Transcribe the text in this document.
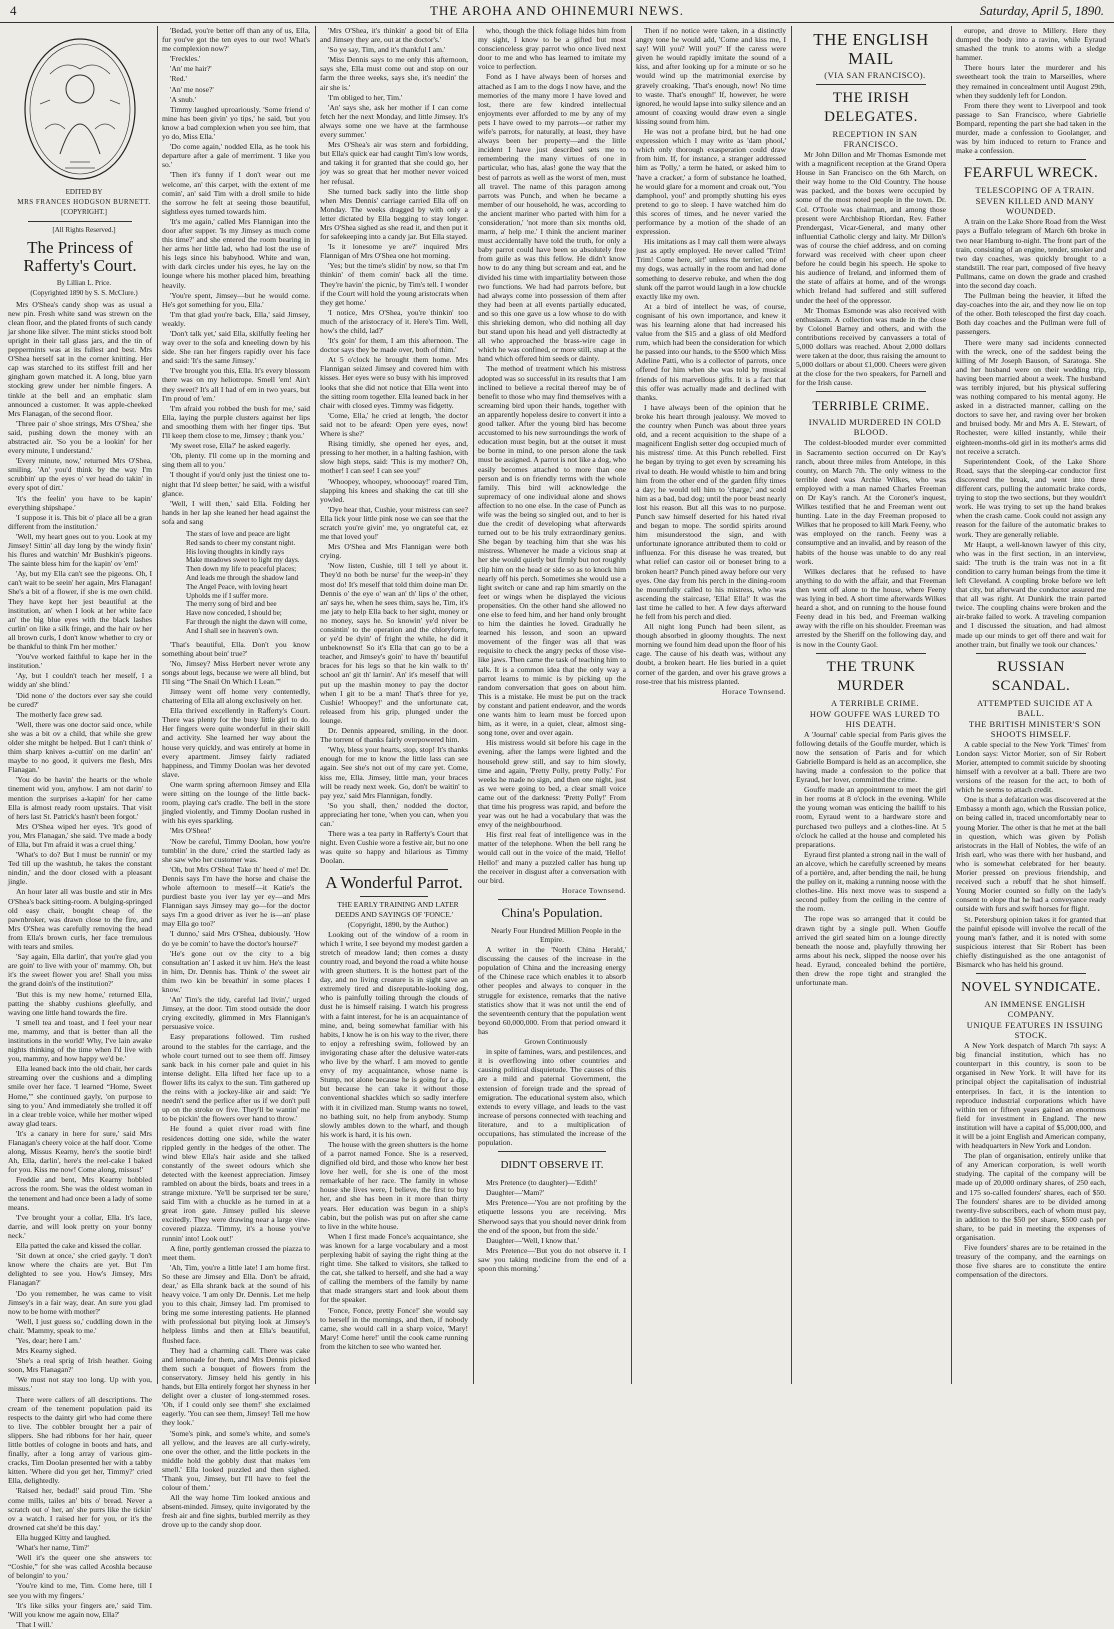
4	THE AROHA AND OHINEMURI NEWS.	Saturday, April 5, 1890.

EDITED BY

MRS FRANCES HODGSON BURNETT.

[COPYRIGHT.]

[All Rights Reserved.]

The Princess of Rafferty's Court.

By Lillian L. Price.

(Copyrighted 1890 by S. S. McClure.)

Mrs O'Shea's candy shop was as usual a new pin. Fresh white sand was strewn on the clean floor, and the plated fronts of such candy jar shone like silver. The mint sticks stood bolt upright in their tall glass jars, and the tin of peppermints was at its fullest and best. Mrs O'Shea herself sat in the corner knitting. Her cap was starched to its stiffest frill and her gingham gown matched it. A long, blue yarn stocking grew under her nimble fingers. A tinkle at the bell and an emphatic slam announced a customer. It was apple-cheeked Mrs Flanagan, of the second floor.

'Three pair o' shoe strings, Mrs O'Shea,' she said, pushing down the money with an abstracted air. 'So you be a lookin' for her every minute, I understand.'

'Every minute, now,' returned Mrs O'Shea, smiling. 'An' you'd think by the way I'm scrubbin' up the eyes o' ver head do takin' in every spot of dirt.'

'It's the feelin' you have to be kapin' everything shipshape.'

'I suppose it is. This bit o' place all be a gran different from the institution.'

'Well, my heart goes out to you. Look at my Jimsey! Sittin' all day long by the windy fixin' his flures and watchin' Mr Bushkin's pigeons. The sainte bless him for the kapin' ov 'em!'

'Ay, but my Ella can't see the pigeons. Oh, I can't wait to be seein' her again, Mrs Flanagan! She's a bit of a flower, if she is me own child. They have kept her jest beautiful at the institution, an' when I look at her white face an' the big blue eyes with the black lashes curlin' on like a silk fringe, and the hair ov her all brown curls, I don't know whether to cry or be thankful to think I'm her mother.'

'You've worked faithful to kape her in the institution.'

'Ay, but I couldn't teach her meself, I a widdy an' she blind.'

'Did none o' the doctors ever say she could be cured?'

The motherly face grew sad.

'Well, there was one doctor said once, while she was a bit ov a child, that while she grew older she mitght be helped. But I can't think o' thim sharp knives a-cuttin' on me darlin' an' maybe to no good, it quivers me flesh, Mrs Flanagan.'

'You do be havin' the hearts or the whole tinement wid you, anyhow. I am not darin' to mention the surprises a-kapin' for her came Ella is almost ready room upstairs. That visit of hers last St. Patrick's hasn't been forgot.'

Mrs O'Shea wiped her eyes. 'It's good of you, Mrs Flanagan,' she said. 'I've made a body of Ella, but I'm afraid it was a cruel thing.'

'What's to do? But I must be runnin' or my Ted till up the washtub, he takes the constant nindin,' and the door closed with a pleasant jingle.

An hour later all was bustle and stir in Mrs O'Shea's back sitting-room. A bulging-springed old easy chair, bought cheap of the pawnbroker, was drawn close to the fire, and Mrs O'Shea was carefully removing the head from Ella's brown curls, her face tremulous with tears and smiles.

'Say again, Ella darlin', that you're glad you are goin' to live with your ol' mammy. Oh, but it's the sweet flower you are! Shall you miss the grand doin's of the institution?'

'But this is my new home,' returned Ella, patting the shabby cushions gleefully, and waving one little hand towards the fire.

'I smell tea and toast, and I feel your near me, mammy, and that is better than all the institutions in the world! Why, I've lain awake nights thinking of the time when I'd live with you, mammy, and how happy we'd be.'

Ella leaned back into the old chair, her cards streaming over the cushions and a dimpling smile over her face. 'I learned “Home, Sweet Home,”' she continued gayly, 'on purpose to sing to you.' And immediately she trolled it off in a clear treble voice, while her mother wiped away glad tears.

'It's a canary in here for sure,' said Mrs Flanagan's cheery voice at the half door. 'Come along, Missus Kearny, here's the sootie bird! Ah, Ella, darlin', here's the reel-cake I baked for you. Kiss me now! Come along, missus!'

Freddie and bent, Mrs Kearny hobbled across the room. She was the oldest woman in the tenement and had once been a lady of some means.

'I've brought your a collar, Ella. It's lace, darrie, and will look pretty on your bonny neck.'

Ella patted the cake and kissed the collar.

'Sit down at once,' she cried gayly. 'I don't know where the chairs are yet. But I'm delighted to see you. How's Jimsey, Mrs Flanagan?'

'Do you remember, he was came to visit Jimsey's in a fair way, dear. An sure you glad now to be home with mother?'

'Well, I just guess so,' cuddling down in the chair. 'Mammy, speak to me.'

'Yes, dear; here I am.'

Mrs Kearny sighed.

'She's a real sprig of Irish heather. Going soon, Mrs Flanagan?'

'We must not stay too long. Up with you, missus.'

There were callers of all descriptions. The cream of the tenement population paid its respects to the dainty girl who had come there to live. The cobbler brought her a pair of slippers. She had ribbons for her hair, queer little bottles of cologne in boots and hats, and finally, after a long array of various gim-cracks, Tim Doolan presented her with a tabby kitten. 'Where did you get her, Timmy?' cried Ella, delightedly.

'Raised her, bedad!' said proud Tim. 'She come mills, tailes an' bits o' bread. Never a scratch out o' her, an' she purrs like the tickin' ov a watch. I raised her for you, or it's the drowned cat she'd be this day.'

Ella hugged Kitty and laughed.

'What's her name, Tim?'

'Well it's the queer one she answers to: “Coshie,” for she was called Acoshla because of belongin' to you.'

'You're kind to me, Tim. Come here, till I see you with my fingers.'

'It's like silks your fingers are,' said Tim. 'Will you know me again now, Ella?'

'That I will.'

'Bedad, you're better off than any of us, Ella, fur you've got the ten eyes to our two! What's me complexion now?'

'Freckles.'

'An' me hair?'

'Red.'

'An' me nose?'

'A snub.'

Timmy laughed uproariously. 'Some friend o' mine has been givin' yo tips,' he said, 'but you know a bad complexion when you see him, that yo do, Miss Ella.'

'Do come again,' nodded Ella, as he took his departure after a gale of merriment. 'I like you so.'

'Then it's funny if I don't wear out me welcome, an' this carpet, with the extent of me comin', an' said Tim with a droll smile to hide the sorrow he felt at seeing those beautiful, sightless eyes turned towards him.

'It's me again,' called Mrs Flannigan into the door after supper. 'Is my Jimsey as much come this time?' and she entered the room bearing in her arms her little lad, who had lost the use of his legs since his babyhood. White and wan, with dark circles under his eyes, he lay on the lounge where his mother placed him, breathing heavily.

'You're spent, Jimsey—but he would come. He's got something for you, Ella.'

'I'm that glad you're back, Ella,' said Jimsey, weakly.

'Don't talk yet,' said Ella, skilfully feeling her way over to the sofa and kneeling down by his side. She ran her fingers rapidly over his face and said: 'It's the same Jimsey.'

'I've brought you this, Ella. It's every blossom there was on my heliotrope. Smell 'em! Ain't they sweet? It's all I had of em in two years, but I'm proud of 'em.'

'I'm afraid you robbed the bush for me,' said Ella, laying the purple clusters against her lips and smoothing them with her finger tips. 'But I'll keep them close to me, Jimsey ; thank you.'

'My sweet rose, Ella?' he asked eagerly.

'Oh, plenty. I'll come up in the morning and sing them all to you.'

'I thought if you'd only just the tiniest one to-night that I'd sleep better,' he said, with a wistful glance.

'Well, I will then,' said Ella. Folding her hands in her lap she leaned her head against the sofa and sang

The stars of love and peace are light
Red sands to cheer my constant night.
His loving thoughts in kindly rays
Make meadows sweet to light my days.
Then down my life to peaceful places;
And leads me through the shadow land
The Angel Peace, with loving heart
Upholds me if I suffer more.
The merry song of bird and bee
Have now conceded, I should be;
Far through the night the dawn will come,
And I shall see in heaven's own.

'That's beautiful, Ella. Don't you know something about bein' true?'

'No, Jimsey? Miss Herbert never wrote any songs about legs, because we were all blind, but I'll sing “The Snail On Which I Lean.”'

Jimsey went off home very contentedly, chattering of Ella all along exclusively on her.

Ella thrived excellently in Rafferty's Court. There was plenty for the busy little girl to do. Her fingers were quite wonderful in their skill and activity. She learned her way about the house very quickly, and was entirely at home in every apartment. Jimsey fairly radiated happiness, and Timmy Doolan was her devoted slave.

One warm spring afternoon Jimsey and Ella were sitting on the lounge of the little back-room, playing cat's cradle. The bell in the store jingled violently, and Timmy Doolan rushed in with his eyes sparkling.

'Mrs O'Shea!'

'Now be careful, Timmy Doolan, how you're tumblin' in the dure,' cried the startled lady as she saw who her customer was.

'Oh, but Mrs O'Shea! Take th' heed o' me! Dr. Dennis says I'm have the horse and chaise the whole afternoon to meself—it Katie's the purdiest baste you iver lay yer ey—and Mrs Flannigan says Jimsey may go—for the doctor says I'm a good driver as iver he is—an' plase may Ella go too?'

'I dunno,' said Mrs O'Shea, dubiously. 'How do ye be comin' to have the doctor's hourse?'

'He's gone out ov the city to a big consultation an' I asked it uv him. He's the least in him, Dr. Dennis has. Think o' the sweet air thim two kin be breathin' in some places I know.'

'An' Tim's the tidy, careful lad livin',' urged Jimsey, at the door. Tim stood outside the door crying excitedly, glimmed in Mrs Flannigan's persuasive voice.

Easy preparations followed. Tim rushed around to the stables for the carriage, and the whole court turned out to see them off. Jimsey sank back in his corner pale and quiet in his intense delight. Ella lifted her face up to a flower lifts its calyx to the sun. Tim gathered up the reins with a jockey-like air and said: 'Ye needn't send the perlice after us if we don't pull up on the stroke ov five. They'll be wantin' me to be pickin' the flowers over hand to throw.'

He found a quiet river road with fine residences dotting one side, while the water rippled gently in the hedges of the other. The wind blew Ella's hair aside and she talked constantly of the sweet odours which she detected with the keenest appreciation. Jimsey rambled on about the birds, boats and trees in a strange mixture. 'Ye'll be surprised ter be sure,' said Tim with a chuckle as he turned in at a great iron gate. Jimsey pulled his sleeve excitedly. They were drawing near a large vine-covered piazza. 'Timmy, it's a house you've runnin' into! Look out!'

A fine, portly gentleman crossed the piazza to meet them.

'Ah, Tim, you're a little late! I am home first. So these are Jimsey and Ella. Don't be afraid, dear,' as Ella shrank back at the sound of his heavy voice. 'I am only Dr. Dennis. Let me help you to this chair, Jimsey lad. I'm promised to bring me some interesting patients. He planned with professional but pitying look at Jimsey's helpless limbs and then at Ella's beautiful, flushed face.

They had a charming call. There was cake and lemonade for them, and Mrs Dennis picked them such a bouquet of flowers from the conservatory. Jimsey held his gently in his hands, but Ella entirely forgot her shyness in her delight over a cluster of long-stemmed roses. 'Oh, if I could only see them!' she exclaimed eagerly. 'You can see them, Jimsey! Tell me how they look.'

'Some's pink, and some's white, and some's all yellow, and the leaves are all curly-wirely, one over the other, and the little pockets in the middle hold the gobbly dust that makes 'em smell.' Ella looked puzzled and then sighed. 'Thank you, Jimsey, but I'll have to feel the colour of them.'

All the way home Tim looked anxious and absent-minded. Jimsey, quite invigorated by the fresh air and fine sights, burbled merrily as they drove up to the candy shop door.

'Mrs O'Shea, it's thinkin' a good bit of Ella and Jimsey they are, out at the doctor's.'

'So ye say, Tim, and it's thankful I am.'

'Miss Dennis says to me only this afternoon, says she, Ella must come out and stop on our farm the three weeks, says she, it's needin' the air she is.'

'I'm obliged to her, Tim.'

'An' says she, ask her mother if I can come fetch her the next Monday, and little Jimsey. It's always some one we have at the farmhouse every summer.'

Mrs O'Shea's air was stern and forbidding, but Ella's quick ear had caught Tim's low words, and taking it for granted that she could go, her joy was so great that her mother never voiced her refusal.

She turned back sadly into the little shop when Mrs Dennis' carriage carried Ella off on Monday. The weeks dragged by with only a letter dictated by Ella begging to stay longer. Mrs O'Shea sighed as she read it, and then put it for safekeeping into a candy jar. But Ella stayed.

'Is it lonesome ye are?' inquired Mrs Flannigan of Mrs O'Shea one hot morning.

'Yes; but the time's slidin' by now, so that I'm thinkin' of them comin' back all the time. They're havin' the picnic, by Tim's tell. I wonder if the Court will hold the young aristocrats when they get home.'

'I notice, Mrs O'Shea, you're thinkin' too much of the aristocracy of it. Here's Tim. Well, how's the child, lad?'

'It's goin' for them, I am this afternoon. The doctor says they be made over, both of thim.'

At 5 o'clock he brought them home. Mrs Flannigan seized Jimsey and covered him with kisses. Her eyes were so busy with his improved looks that she did not notice that Ella went into the sitting room together. Ella leaned back in her chair with closed eyes. Timmy was fidgetty.

'Come, Ella,' he cried at length, 'the doctor said not to be afeard: Open yere eyes, now! Where is she?'

Rising timidly, she opened her eyes, and, pressing to her mother, in a halting fashion, with slow high steps, said: 'This is my mother? Oh, mother! I can see! I can see you!'

'Whoopey, whoopey, whooooay!' roared Tim, slapping his knees and shaking the cat till she yowled.

'Dye hear that, Cushie, your mistress can see? Ella lick your little pink nose we can see that the scratch you're givin' me, yo ongrateful cat, ez me that loved you!'

Mrs O'Shea and Mrs Flannigan were both crying.

'Now listen, Cushie, till I tell ye about it. They'd no both be nurse' fur the weep-in' they most do! It's meself that told thim doine man Dr. Dennis o' the eye o' wan an' th' lips o' the other, an' says he, when he sees thim, says he, Tim, it's me jaty to help Ella back to her sight, money or no money, says he. So knowin' ye'd niver be consintin' to the operation and the chloryform, or ye'd be dyin' of fright the while, he did it unbeknownst! So it's Ella that can go to be a teacher, and Jimsey's goin' to have th' beautiful braces for his legs so that he kin walk to th' school an' git th' larnin'. An' it's meself that will put up the mashin money to pay the doctor when I git to be a man! That's three for ye, Cushie! Whoopey!' and the unfortunate cat, released from his grip, plunged under the lounge.

Dr. Dennis appeared, smiling, in the door. The torrent of thanks fairly overpowered him.

'Why, bless your hearts, stop, stop! It's thanks enough for me to know the little lass can see again. See she's not out of my care yet. Come, kiss me, Ella. Jimsey, little man, your braces will be ready next week. Go, don't be waitin' to pay yez,' said Mrs Flannigan, fondly.

'So you shall, then,' nodded the doctor, appreciating her tone, 'when you can, when you can.'

There was a tea party in Rafferty's Court that night. Even Cushie wore a festive air, but no one was quite so happy and hilarious as Timmy Doolan.

A Wonderful Parrot.

THE EARLY TRAINING AND LATER DEEDS AND SAYINGS OF 'FONCE.'

(Copyright, 1890, by the Author.)

Looking out of the window of a room in which I write, I see beyond my modest garden a stretch of meadow land; then comes a dusty country road, and beyond the road a white house with green shutters. It is the hottest part of the day, and no living creature is in sight save an extremely tired and disreputable-looking dog, who is painfully toiling through the clouds of dust he is himself raising. I watch his progress with a faint interest, for he is an acquaintance of mine, and, being somewhat familiar with his habits, I know he is on his way to the river, there to enjoy a refreshing swim, followed by an invigorating chase after the delusive water-rats who live by the wharf. I am moved to gentle envy of my acquaintance, whose name is Stump, not alone because he is going for a dip, but because he can take it without those conventional shackles which so sadly interfere with it in civilized man. Stump wants no towel, no bathing suit, no help from anybody. Stump slowly ambles down to the wharf, and though his work is hard, it is his own.

The house with the green shutters is the home of a parrot named Fonce. She is a reserved, dignified old bird, and those who know her best love her well, for she is one of the most remarkable of her race. The family in whose house she lives were, I believe, the first to buy her, and she has been in it more than thirty years. Her education was begun in a ship's cabin, but the polish was put on after she came to live in the white house.

When I first made Fonce's acquaintance, she was known for a large vocabulary and a most perplexing habit of saying the right thing at the right time. She talked to visitors, she talked to the cat, she talked to herself, and she had a way of calling the members of the family by name that made strangers start and look about them for the speaker.

'Fonce, Fonce, pretty Fonce!' she would say to herself in the mornings, and then, if nobody came, she would call in a sharp voice, 'Mary! Mary! Come here!' until the cook came running from the kitchen to see who wanted her.

who, though the thick foliage hides him from my sight, I know to be a gifted but most conscienceless gray parrot who once lived next door to me and who has learned to imitate my voice to perfection.

Fond as I have always been of horses and attached as I am to the dogs I now have, and the memories of the many more I have loved and lost, there are few kindred intellectual enjoyments ever afforded to me by any of my pets I have owed to my parrots—or rather my wife's parrots, for naturally, at least, they have always been her property—and the little incident I have just described sets me to remembering the many virtues of one in particular, who has, alas! gone the way that the best of parrots as well as the worst of men, must all travel. The name of this paragon among parrots was Punch, and when he became a member of our household, he was, according to the ancient mariner who parted with him for a 'consideration,' 'not more than six months old, marm, a' help me.' I think the ancient mariner must accidentally have told the truth, for only a baby parrot could have been so absolutely free from guile as was this fellow. He didn't know how to do any thing but scream and eat, and he divided his time with impartiality between those two functions. We had had parrots before, but had always come into possession of them after they had been at all events partially educated, and so this one gave us a low whose to do with this shrieking demon, who did nothing all day but stand upon his head and yell distractedly at all who approached the brass-wire cage in which he was confined, or more still, snap at the hand which offered him seeds or dainty.

The method of treatment which his mistress adopted was so successful in its results that I am inclined to believe a recital thereof may be of benefit to those who may find themselves with a screaming bird upon their hands, together with an apparently hopeless desire to convert it into a good talker. After the young bird has become accustomed to his new surroundings the work of education must begin, but at the outset it must be borne in mind, to one person alone the task must be assigned. A parrot is not like a dog, who easily becomes attached to more than one person and is on friendly terms with the whole family. This bird will acknowledge the supremacy of one individual alone and shows affection to no one else. In the case of Punch as wife was the being so singled out, and to her is due the credit of developing what afterwards turned out to be his truly extraordinary genius. She began by teaching him that she was his mistress. Whenever he made a vicious snap at her she would quietly but firmly but not roughly clip him on the head or side so as to knock him nearly off his perch. Sometimes she would use a light switch or cane and rap him smartly on the feet or wings when he displayed the vicious propensities. On the other hand she allowed no one else to feed him, and her hand only brought to him the dainties he loved. Gradually he learned his lesson, and soon an upward movement of the finger was all that was requisite to check the angry pecks of those vise-like jaws. Then came the task of teaching him to talk. It is a common idea that the only way a parrot learns to mimic is by picking up the random conversation that goes on about him. This is a mistake. He must be put on the track by constant and patient endeavor, and the words one wants him to learn must be forced upon him, as it were, in a quiet, clear, almost sing-song tone, over and over again.

His mistress would sit before his cage in the evening, after the lamps were lighted and the household grew still, and say to him slowly, time and again, 'Pretty Polly, pretty Polly.' For weeks he made no sign, and then one night, just as we were going to bed, a clear small voice came out of the darkness: 'Pretty Polly!' From that time his progress was rapid, and before the year was out he had a vocabulary that was the envy of the neighbourhood.

His first real feat of intelligence was in the matter of the telephone. When the bell rang he would call out in the voice of the maid, 'Hello! Hello!' and many a puzzled caller has hung up the receiver in disgust after a conversation with our bird.

Horace Townsend.

China's Population.

Nearly Four Hundred Million People in the Empire.

A writer in the 'North China Herald,' discussing the causes of the increase in the population of China and the increasing energy of the Chinese race which enables it to absorb other peoples and always to conquer in the struggle for existence, remarks that the native statistics show that it was not until the end of the seventeenth century that the population went beyond 60,000,000. From that period onward it has

Grown Continuously

in spite of famines, wars, and pestilences, and it is overflowing into other countries and causing political disquietude. The causes of this are a mild and paternal Government, the extension of foreign trade and the spread of emigration. The educational system also, which extends to every village, and leads to the vast increase of persons connected with teaching and literature, and to a multiplication of occupations, has stimulated the increase of the population.

DIDN'T OBSERVE IT.

Mrs Pretence (to daughter)—'Edith!'

Daughter—'Mam?'

Mrs Pretence—'You are not profiting by the etiquette lessons you are receiving. Mrs Sherwood says that you should never drink from the end of the spoon, but from the side.'

Daughter—'Well, I know that.'

Mrs Pretence—'But you do not observe it. I saw you taking medicine from the end of a spoon this morning.'

Then if no notice were taken, in a distinctly angry tone he would add, 'Come and kiss me, I say! Will you? Will you?' If the caress were given he would rapidly imitate the sound of a kiss, and after looking up for a minute or so he would wind up the matrimonial exercise by gravely croaking, 'That's enough, now! No time to waste. That's enough!' If, however, he were ignored, he would lapse into sulky silence and an amount of coaxing would draw even a single kissing sound from him.

He was not a profane bird, but he had one expression which I may write as 'dam phool,' which only thorough exasperation could draw from him. If, for instance, a stranger addressed him as 'Polly,' a term he hated, or asked him to 'have a cracker,' a form of substance he loathed, he would glare for a moment and croak out, 'You damphool, you!' and promptly shutting his eyes pretend to go to sleep. I have watched him do this scores of times, and he never varied the performance by a motion of the shade of an expression.

His imitations as I may call them were always just as aptly employed. He never called 'Trim! Trim! Come here, sir!' unless the terrier, one of my dogs, was actually in the room and had done something to deserve rebuke, and when the dog slunk off the parrot would laugh in a low chuckle exactly like my own.

At a bird of intellect he was, of course, cognisant of his own importance, and knew it was his learning alone that had increased his value from the $15 and a glass of old Medford rum, which had been the consideration for which he passed into our hands, to the $500 which Miss Adeline Patti, who is a collector of parrots, once offered for him when she was told by musical friends of his marvellous gifts. It is a fact that this offer was actually made and declined with thanks.

I have always been of the opinion that he broke his heart through jealousy. We moved to the country when Punch was about three years old, and a recent acquisition to the shape of a magnificent English setter dog occupied much of his mistress' time. At this Punch rebelled. First he began by trying to get even by screaming his rival to death. He would whistle to him and bring him from the other end of the garden fifty times a day; he would tell him to 'charge,' and scold him as a bad, bad dog; until the poor beast nearly lost his reason. But all this was to no purpose. Punch saw himself deserted for his hated rival and began to mope. The sordid spirits around him misunderstood the sign, and with unfortunate ignorance attributed them to cold or influenza. For this disease he was treated, but what relief can castor oil or boneset bring to a broken heart? Punch pined away before our very eyes. One day from his perch in the dining-room he mournfully called to his mistress, who was ascending the staircase, 'Ella! Ella!' It was the last time he called to her. A few days afterward he fell from his perch and died.

All night long Punch had been silent, as though absorbed in gloomy thoughts. The next morning we found him dead upon the floor of his cage. The cause of his death was, without any doubt, a broken heart. He lies buried in a quiet corner of the garden, and over his grave grows a rose-tree that his mistress planted.

Horace Townsend.

THE ENGLISH MAIL

(VIA SAN FRANCISCO).

THE IRISH DELEGATES.

RECEPTION IN SAN FRANCISCO.

Mr John Dillon and Mr Thomas Esmonde met with a magnificent reception at the Grand Opera House in San Francisco on the 6th March, on their way home to the Old Country. The house was packed, and the boxes were occupied by some of the most noted people in the town. Dr. Col. O'Toole was chairman, and among those present were Archbishop Riordan, Rev. Father Prendergast, Vicar-General, and many other influential Catholic clergy and laity. Mr Dillon's was of course the chief address, and on coming forward was received with cheer upon cheer before he could begin his speech. He spoke to his audience of Ireland, and informed them of the state of affairs at home, and of the wrongs which Ireland had suffered and still suffered under the heel of the oppressor.

Mr Thomas Esmonde was also received with enthusiasm. A collection was made in the close by Colonel Barney and others, and with the contributions received by canvassers a total of 5,000 dollars was reached. About 2,000 dollars were taken at the door, thus raising the amount to 5,000 dollars or about £1,000. Cheers were given at the close for the two speakers, for Parnell and for the Irish cause.

TERRIBLE CRIME.

INVALID MURDERED IN COLD BLOOD.

The coldest-blooded murder ever committed in Sacramento section occurred on Dr Kay's ranch, about three miles from Antelope, in this county, on March 7th. The only witness to the terrible deed was Archie Wilkes, who was employed with a man named Charles Freeman on Dr Kay's ranch. At the Coroner's inquest, Wilkes testified that he and Freeman went out hunting. Late in the day Freeman proposed to Wilkes that he proposed to kill Mark Feeny, who was employed on the ranch. Feeny was a consumptive and an invalid, and by reason of the habits of the house was unable to do any real work.

Wilkes declares that he refused to have anything to do with the affair, and that Freeman then went off alone to the house, where Feeny was lying in bed. A short time afterwards Wilkes heard a shot, and on running to the house found Feeny dead in his bed, and Freeman walking away with the rifle on his shoulder. Freeman was arrested by the Sheriff on the following day, and is now in the County Gaol.

THE TRUNK MURDER

A TERRIBLE CRIME.

HOW GOUFFE WAS LURED TO HIS DEATH.

A 'Journal' cable special from Paris gives the following details of the Gouffe murder, which is now the sensation of Paris and for which Gabrielle Bompard is held as an accomplice, she having made a confession to the police that Eyraud, her lover, committed the crime.

Gouffe made an appointment to meet the girl in her rooms at 8 o'clock in the evening. While the young woman was enticing the bailiff to his room, Eyraud went to a hardware store and purchased two pulleys and a clothes-line. At 5 o'clock he called at the house and completed his preparations.

Eyraud first planted a strong nail in the wall of an alcove, which he carefully screened by means of a portière, and, after bending the nail, he hung the pulley on it, making a running noose with the clothes-line. His next move was to suspend a second pulley from the ceiling in the centre of the room.

The rope was so arranged that it could be drawn tight by a single pull. When Gouffe arrived the girl seated him on a lounge directly beneath the noose and, playfully throwing her arms about his neck, slipped the noose over his head. Eyraud, concealed behind the portière, then drew the rope tight and strangled the unfortunate man.

europe, and drove to Millery. Here they dumped the body into a ravine, while Eyraud smashed the trunk to atoms with a sledge hammer.

There hours later the murderer and his sweetheart took the train to Marseilles, where they remained in concealment until August 29th, when they suddenly left for London.

From there they went to Liverpool and took passage to San Francisco, where Gabrielle Bompard, repenting the part she had taken in the murder, made a confession to Goolanger, and was by him induced to return to France and make a confession.

FEARFUL WRECK.

TELESCOPING OF A TRAIN.

SEVEN KILLED AND MANY WOUNDED.

A train on the Lake Shore Road from the West pays a Buffalo telegram of March 6th broke in two near Hamburg to-night. The front part of the train, consisting of an engine, tender, smoker and two day coaches, was quickly brought to a standstill. The rear part, composed of five heavy Pullmans, came on down the grade and crashed into the second day coach.

The Pullman being the heavier, it lifted the day-coaches into the air, and they now lie on top of the other. Both telescoped the first day coach. Both day coaches and the Pullman were full of passengers.

There were many sad incidents connected with the wreck, one of the saddest being the killing of Mr Joseph Bauson, of Saratoga. She and her husband were on their wedding trip, having been married about a week. The husband was terribly injured, but his physical suffering was nothing compared to his mental agony. He asked in a distracted manner, calling on the doctors to save her, and raving over her broken and bruised body. Mr and Mrs A. E. Stewart, of Rochester, were killed instantly, while their eighteen-months-old girl in its mother's arms did not receive a scratch.

Superintendent Cook, of the Lake Shore Road, says that the sleeping-car conductor first discovered the break, and went into three different cars, pulling the automatic brake cords, trying to stop the two sections, but they wouldn't work. He was trying to set up the hand brakes when the crash came. Cook could not assign any reason for the failure of the automatic brakes to work. They are generally reliable.

Mr Haupt, a well-known lawyer of this city, who was in the first section, in an interview, said: 'The truth is the train was not in a fit condition to carry human beings from the time it left Cleveland. A coupling broke before we left that city, but afterward the conductor assured me that all was right. At Dunkirk the train parted twice. The coupling chains were broken and the air-brake failed to work. A traveling companion and I discussed the situation, and had almost made up our minds to get off there and wait for another train, but finally we took our chances.'

RUSSIAN SCANDAL.

ATTEMPTED SUICIDE AT A BALL.

THE BRITISH MINISTER'S SON SHOOTS HIMSELF.

A cable special to the New York 'Times' from London says: Victor Morier, son of Sir Robert Morier, attempted to commit suicide by shooting himself with a revolver at a ball. There are two versions of the reason for the act, to both of which he seems to attach credit.

One is that a defalcation was discovered at the Embassy a month ago, which the Russian police, on being called in, traced uncomfortably near to young Morier. The other is that he met at the ball in question, which was given by Polish aristocrats in the Hall of Nobles, the wife of an Irish earl, who was there with her husband, and who is somewhat celebrated for her beauty. Morier pressed on previous friendship, and received such a rebuff that he shot himself. Young Morier counted so fully on the lady's consent to elope that he had a conveyance ready outside with furs and swift horses for flight.

St. Petersburg opinion takes it for granted that the painful episode will involve the recall of the young man's father, and it is noted with some suspicious interest that Sir Robert has been chiefly distinguished as the one antagonist of Bismarck who has held his ground.

NOVEL SYNDICATE.

AN IMMENSE ENGLISH COMPANY.

UNIQUE FEATURES IN ISSUING STOCK.

A New York despatch of March 7th says: A big financial institution, which has no counterpart in this country, is soon to be organised in New York. It will have for its principal object the capitalisation of industrial enterprises. In fact, it is the intention to reproduce industrial corporations which have within ten or fifteen years gained an enormous field for investment in England. The new institution will have a capital of $5,000,000, and it will be a joint English and American company, with headquarters in New York and London.

The plan of organisation, entirely unlike that of any American corporation, is well worth studying. The capital of the company will be made up of 20,000 ordinary shares, of 250 each, and 175 so-called founders' shares, each of $50. The founders' shares are to be divided among twenty-five subscribers, each of whom must pay, in addition to the $50 per share, $500 cash per share, to be paid in meeting the expenses of organisation.

Five founders' shares are to be retained in the treasury of the company, and the earnings on those five shares are to constitute the entire compensation of the directors.
